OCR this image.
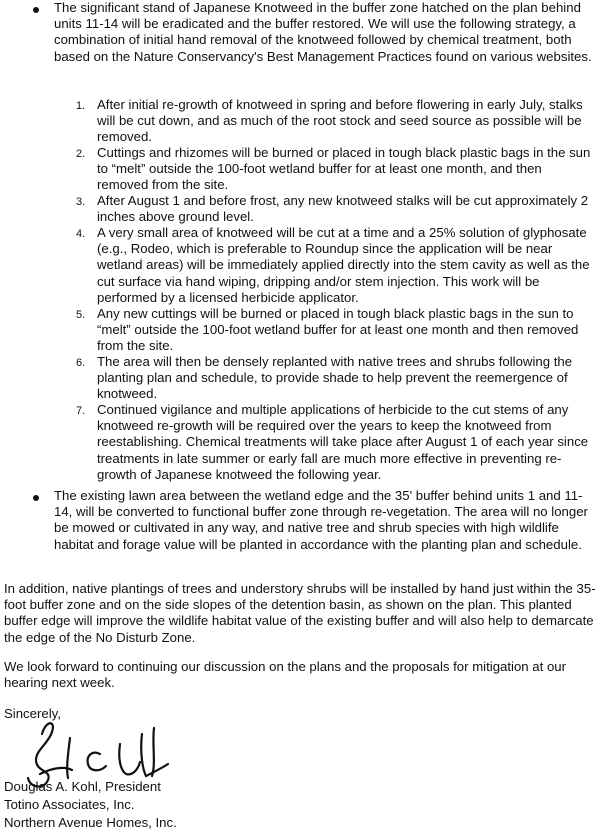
The significant stand of Japanese Knotweed in the buffer zone hatched on the plan behind units 11-14 will be eradicated and the buffer restored. We will use the following strategy, a combination of initial hand removal of the knotweed followed by chemical treatment, both based on the Nature Conservancy's Best Management Practices found on various websites.
1. After initial re-growth of knotweed in spring and before flowering in early July, stalks will be cut down, and as much of the root stock and seed source as possible will be removed.
2. Cuttings and rhizomes will be burned or placed in tough black plastic bags in the sun to “melt” outside the 100-foot wetland buffer for at least one month, and then removed from the site.
3. After August 1 and before frost, any new knotweed stalks will be cut approximately 2 inches above ground level.
4. A very small area of knotweed will be cut at a time and a 25% solution of glyphosate (e.g., Rodeo, which is preferable to Roundup since the application will be near wetland areas) will be immediately applied directly into the stem cavity as well as the cut surface via hand wiping, dripping and/or stem injection. This work will be performed by a licensed herbicide applicator.
5. Any new cuttings will be burned or placed in tough black plastic bags in the sun to “melt” outside the 100-foot wetland buffer for at least one month and then removed from the site.
6. The area will then be densely replanted with native trees and shrubs following the planting plan and schedule, to provide shade to help prevent the reemergence of knotweed.
7. Continued vigilance and multiple applications of herbicide to the cut stems of any knotweed re-growth will be required over the years to keep the knotweed from reestablishing. Chemical treatments will take place after August 1 of each year since treatments in late summer or early fall are much more effective in preventing re-growth of Japanese knotweed the following year.
The existing lawn area between the wetland edge and the 35' buffer behind units 1 and 11-14, will be converted to functional buffer zone through re-vegetation. The area will no longer be mowed or cultivated in any way, and native tree and shrub species with high wildlife habitat and forage value will be planted in accordance with the planting plan and schedule.
In addition, native plantings of trees and understory shrubs will be installed by hand just within the 35-foot buffer zone and on the side slopes of the detention basin, as shown on the plan. This planted buffer edge will improve the wildlife habitat value of the existing buffer and will also help to demarcate the edge of the No Disturb Zone.
We look forward to continuing our discussion on the plans and the proposals for mitigation at our hearing next week.
Sincerely,
Douglas A. Kohl, President
Totino Associates, Inc.
Northern Avenue Homes, Inc.
